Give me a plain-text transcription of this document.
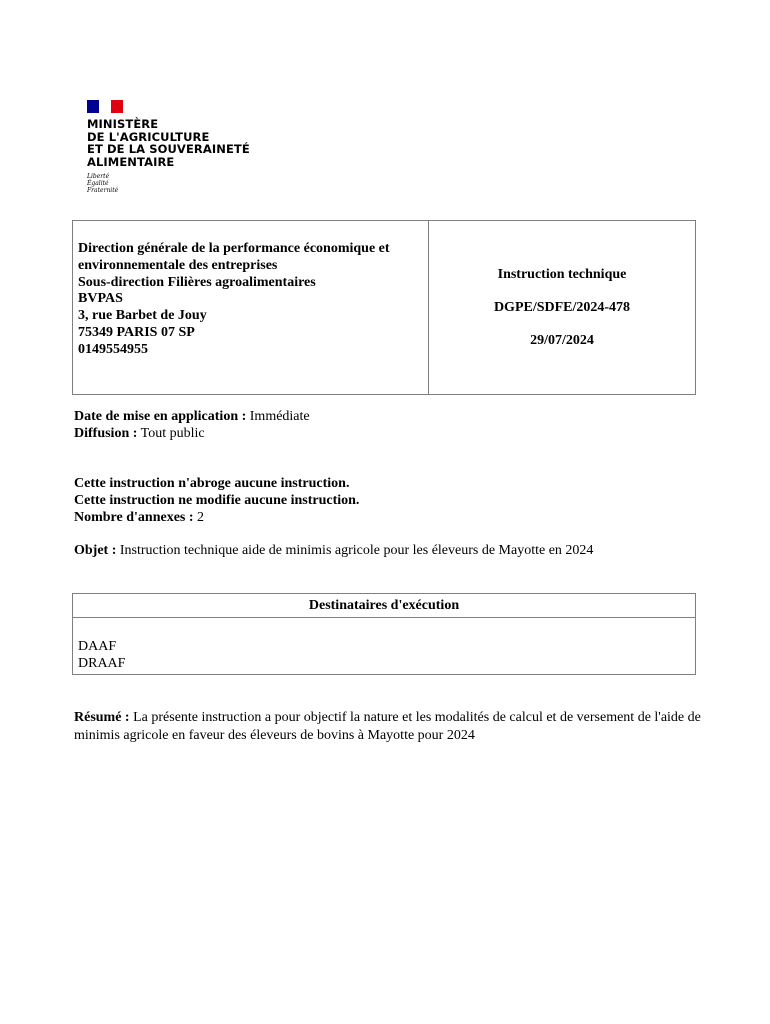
MINISTÈRE
DE L'AGRICULTURE
ET DE LA SOUVERAINETÉ
ALIMENTAIRE
Liberté
Égalité
Fraternité
Direction générale de la performance économique et
environnementale des entreprises
Sous-direction Filières agroalimentaires
BVPAS
3, rue Barbet de Jouy
75349 PARIS 07 SP
0149554955
Instruction technique
DGPE/SDFE/2024-478
29/07/2024
Date de mise en application : Immédiate
Diffusion : Tout public
Cette instruction n'abroge aucune instruction.
Cette instruction ne modifie aucune instruction.
Nombre d'annexes : 2
Objet : Instruction technique aide de minimis agricole pour les éleveurs de Mayotte en 2024
Destinataires d'exécution
DAAF
DRAAF
Résumé : La présente instruction a pour objectif la nature et les modalités de calcul et de versement de l'aide de minimis agricole en faveur des éleveurs de bovins à Mayotte pour 2024
